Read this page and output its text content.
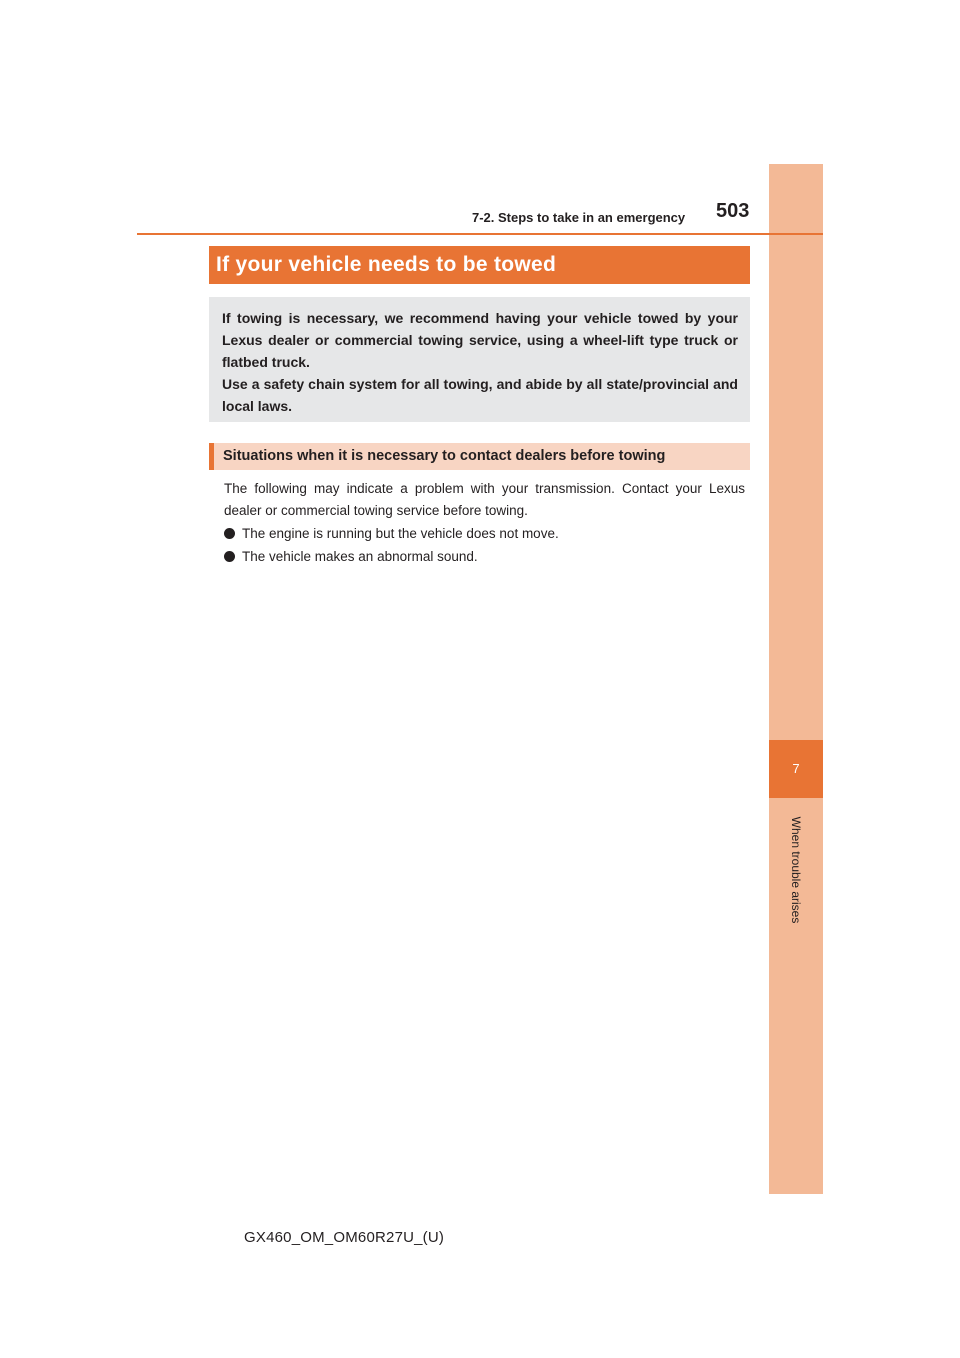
7
When trouble arises
7-2. Steps to take in an emergency 503
If your vehicle needs to be towed

If towing is necessary, we recommend having your vehicle towed by your Lexus dealer or commercial towing service, using a wheel-lift type truck or flatbed truck.

Use a safety chain system for all towing, and abide by all state/provincial and local laws.

Situations when it is necessary to contact dealers before towing

The following may indicate a problem with your transmission. Contact your Lexus dealer or commercial towing service before towing.

The engine is running but the vehicle does not move.
The vehicle makes an abnormal sound.
GX460_OM_OM60R27U_(U)
